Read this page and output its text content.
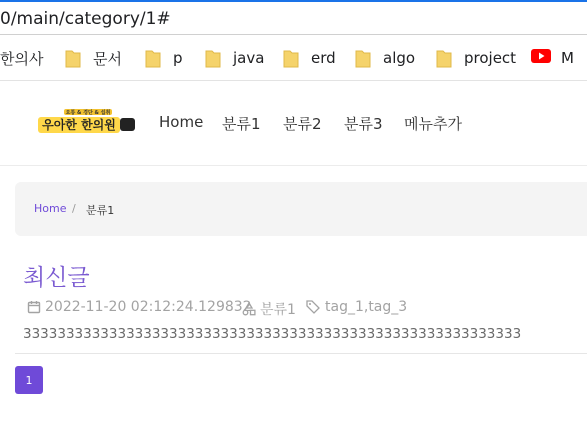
0/main/category/1#
한의사	문서	p	java	erd	algo	project	M
우아한 한의원
요통 & 경단 & 섭취	Home 분류1 분류2 분류3 메뉴추가
Home / 분류1
최신글
2022-11-20 02:12:24.129832 분류1 tag_1,tag_3
3333333333333333333333333333333333333333333333333333333333
1
